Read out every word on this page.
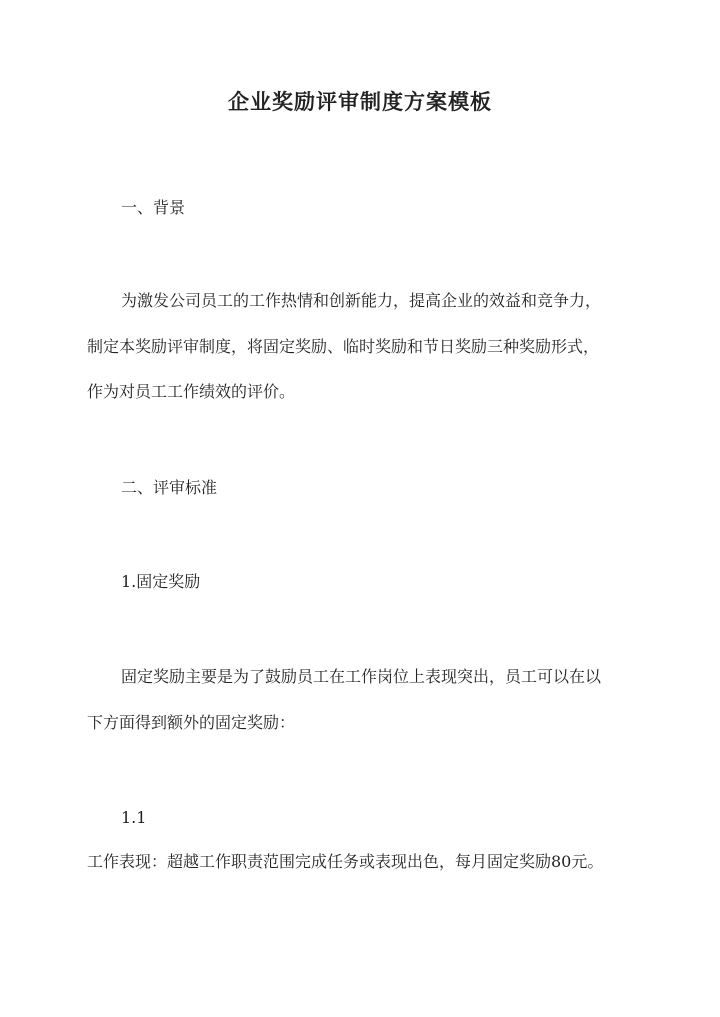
企业奖励评审制度方案模板
一、背景
为激发公司员工的工作热情和创新能力，提高企业的效益和竞争力，
制定本奖励评审制度，将固定奖励、临时奖励和节日奖励三种奖励形式，
作为对员工工作绩效的评价。
二、评审标准
1.固定奖励
固定奖励主要是为了鼓励员工在工作岗位上表现突出，员工可以在以
下方面得到额外的固定奖励：
1.1
工作表现：超越工作职责范围完成任务或表现出色，每月固定奖励80元。
